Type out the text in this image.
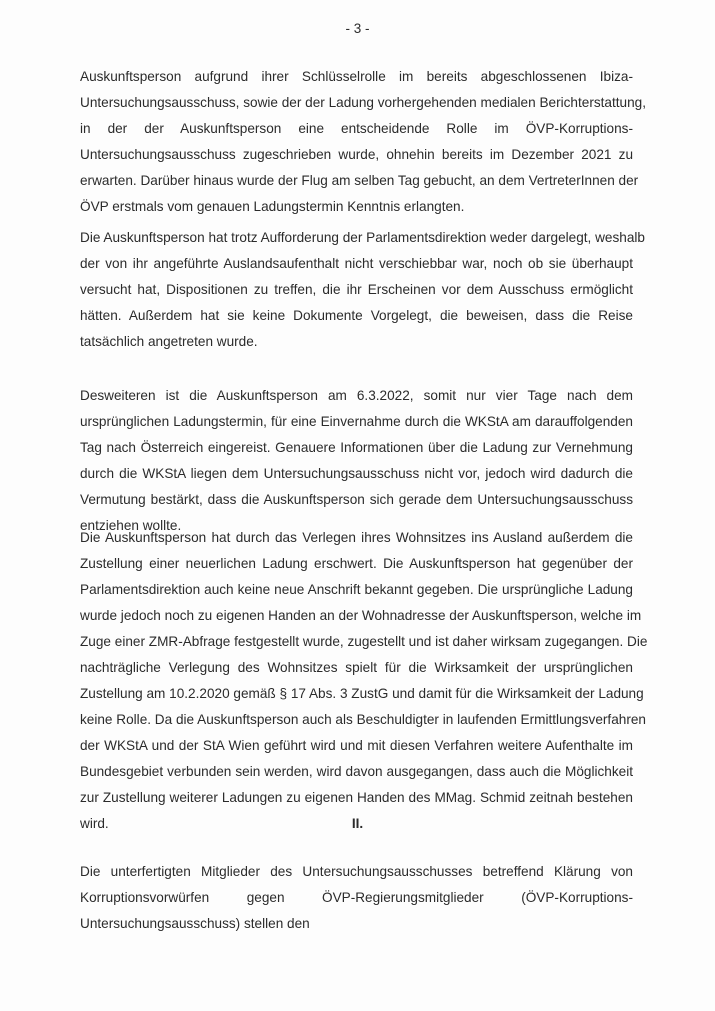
- 3 -
Auskunftsperson aufgrund ihrer Schlüsselrolle im bereits abgeschlossenen Ibiza-
Untersuchungsausschuss, sowie der der Ladung vorhergehenden medialen Berichterstattung,
in der der Auskunftsperson eine entscheidende Rolle im ÖVP-Korruptions-
Untersuchungsausschuss zugeschrieben wurde, ohnehin bereits im Dezember 2021 zu
erwarten. Darüber hinaus wurde der Flug am selben Tag gebucht, an dem VertreterInnen der
ÖVP erstmals vom genauen Ladungstermin Kenntnis erlangten.
Die Auskunftsperson hat trotz Aufforderung der Parlamentsdirektion weder dargelegt, weshalb
der von ihr angeführte Auslandsaufenthalt nicht verschiebbar war, noch ob sie überhaupt
versucht hat, Dispositionen zu treffen, die ihr Erscheinen vor dem Ausschuss ermöglicht
hätten. Außerdem hat sie keine Dokumente Vorgelegt, die beweisen, dass die Reise
tatsächlich angetreten wurde.
Desweiteren ist die Auskunftsperson am 6.3.2022, somit nur vier Tage nach dem
ursprünglichen Ladungstermin, für eine Einvernahme durch die WKStA am darauffolgenden
Tag nach Österreich eingereist. Genauere Informationen über die Ladung zur Vernehmung
durch die WKStA liegen dem Untersuchungsausschuss nicht vor, jedoch wird dadurch die
Vermutung bestärkt, dass die Auskunftsperson sich gerade dem Untersuchungsausschuss
entziehen wollte.
Die Auskunftsperson hat durch das Verlegen ihres Wohnsitzes ins Ausland außerdem die
Zustellung einer neuerlichen Ladung erschwert. Die Auskunftsperson hat gegenüber der
Parlamentsdirektion auch keine neue Anschrift bekannt gegeben. Die ursprüngliche Ladung
wurde jedoch noch zu eigenen Handen an der Wohnadresse der Auskunftsperson, welche im
Zuge einer ZMR-Abfrage festgestellt wurde, zugestellt und ist daher wirksam zugegangen. Die
nachträgliche Verlegung des Wohnsitzes spielt für die Wirksamkeit der ursprünglichen
Zustellung am 10.2.2020 gemäß § 17 Abs. 3 ZustG und damit für die Wirksamkeit der Ladung
keine Rolle. Da die Auskunftsperson auch als Beschuldigter in laufenden Ermittlungsverfahren
der WKStA und der StA Wien geführt wird und mit diesen Verfahren weitere Aufenthalte im
Bundesgebiet verbunden sein werden, wird davon ausgegangen, dass auch die Möglichkeit
zur Zustellung weiterer Ladungen zu eigenen Handen des MMag. Schmid zeitnah bestehen
wird.	II.
Die unterfertigten Mitglieder des Untersuchungsausschusses betreffend Klärung von
Korruptionsvorwürfen gegen ÖVP-Regierungsmitglieder (ÖVP-Korruptions-
Untersuchungsausschuss) stellen den
